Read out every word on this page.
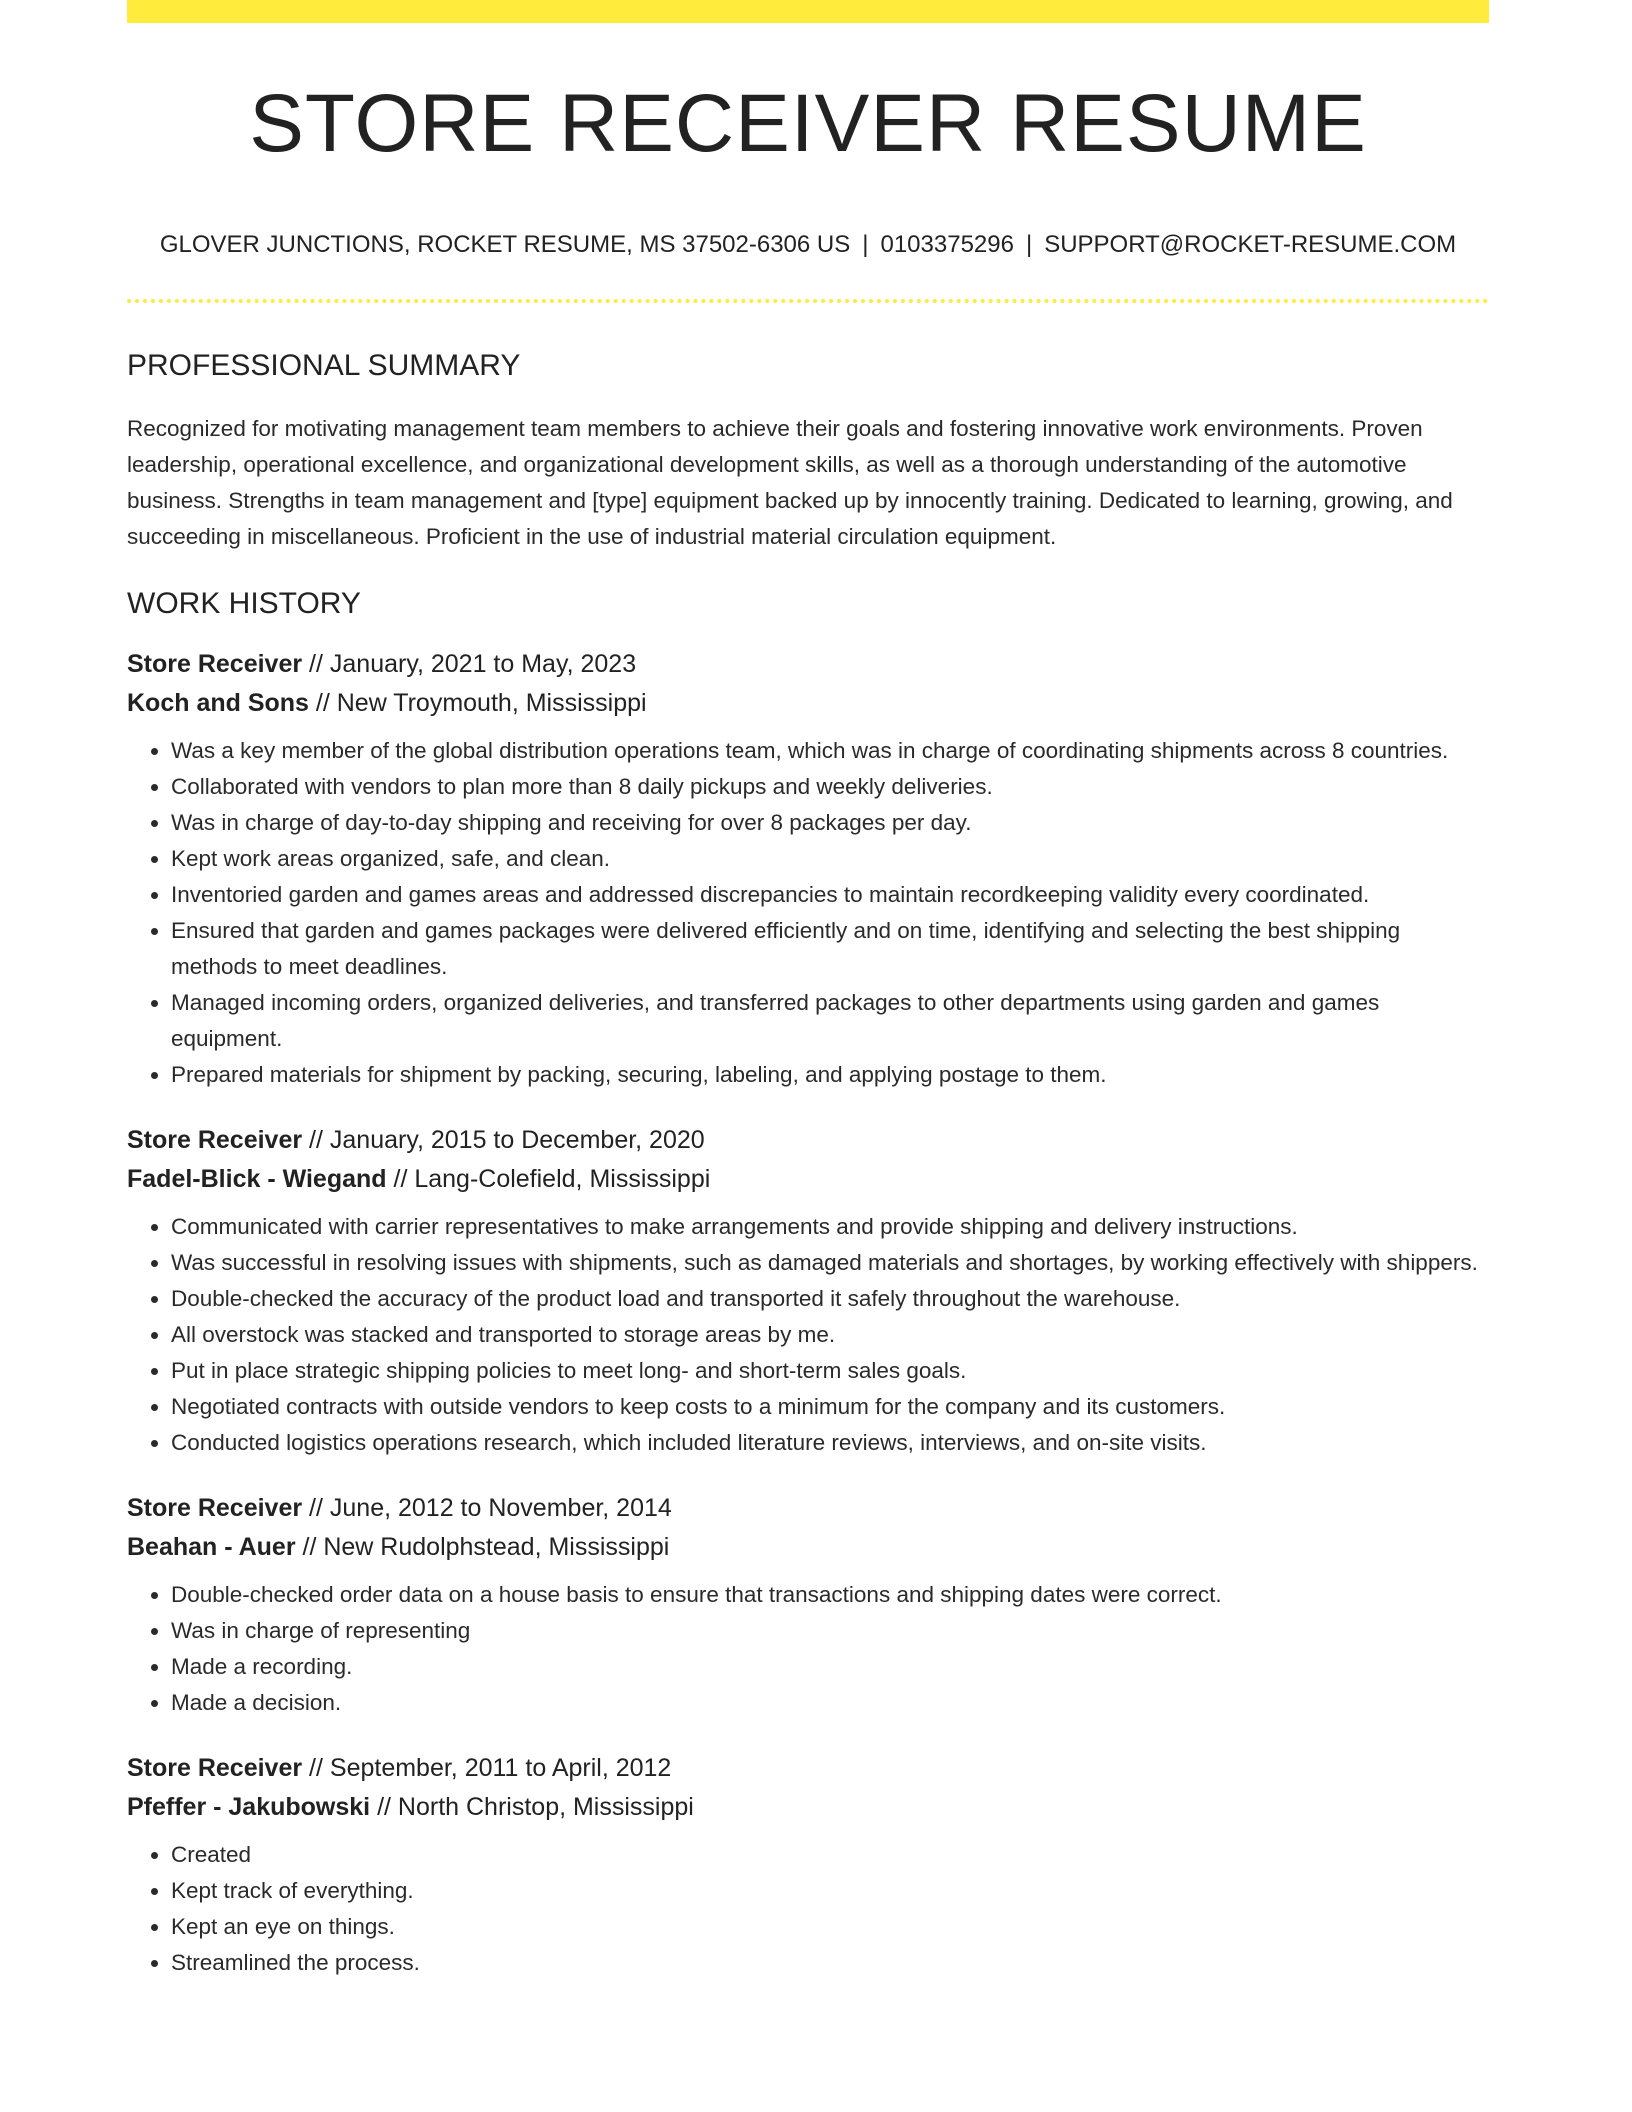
STORE RECEIVER RESUME
GLOVER JUNCTIONS, ROCKET RESUME, MS 37502-6306 US | 0103375296 | SUPPORT@ROCKET-RESUME.COM
PROFESSIONAL SUMMARY

Recognized for motivating management team members to achieve their goals and fostering innovative work environments. Proven leadership, operational excellence, and organizational development skills, as well as a thorough understanding of the automotive business. Strengths in team management and [type] equipment backed up by innocently training. Dedicated to learning, growing, and succeeding in miscellaneous. Proficient in the use of industrial material circulation equipment.

WORK HISTORY
Store Receiver // January, 2021 to May, 2023
Koch and Sons // New Troymouth, Mississippi
• Was a key member of the global distribution operations team, which was in charge of coordinating shipments across 8 countries.
• Collaborated with vendors to plan more than 8 daily pickups and weekly deliveries.
• Was in charge of day-to-day shipping and receiving for over 8 packages per day.
• Kept work areas organized, safe, and clean.
• Inventoried garden and games areas and addressed discrepancies to maintain recordkeeping validity every coordinated.
• Ensured that garden and games packages were delivered efficiently and on time, identifying and selecting the best shipping methods to meet deadlines.
• Managed incoming orders, organized deliveries, and transferred packages to other departments using garden and games equipment.
• Prepared materials for shipment by packing, securing, labeling, and applying postage to them.
Store Receiver // January, 2015 to December, 2020
Fadel-Blick - Wiegand // Lang-Colefield, Mississippi
• Communicated with carrier representatives to make arrangements and provide shipping and delivery instructions.
• Was successful in resolving issues with shipments, such as damaged materials and shortages, by working effectively with shippers.
• Double-checked the accuracy of the product load and transported it safely throughout the warehouse.
• All overstock was stacked and transported to storage areas by me.
• Put in place strategic shipping policies to meet long- and short-term sales goals.
• Negotiated contracts with outside vendors to keep costs to a minimum for the company and its customers.
• Conducted logistics operations research, which included literature reviews, interviews, and on-site visits.
Store Receiver // June, 2012 to November, 2014
Beahan - Auer // New Rudolphstead, Mississippi
• Double-checked order data on a house basis to ensure that transactions and shipping dates were correct.
• Was in charge of representing
• Made a recording.
• Made a decision.
Store Receiver // September, 2011 to April, 2012
Pfeffer - Jakubowski // North Christop, Mississippi
• Created
• Kept track of everything.
• Kept an eye on things.
• Streamlined the process.
